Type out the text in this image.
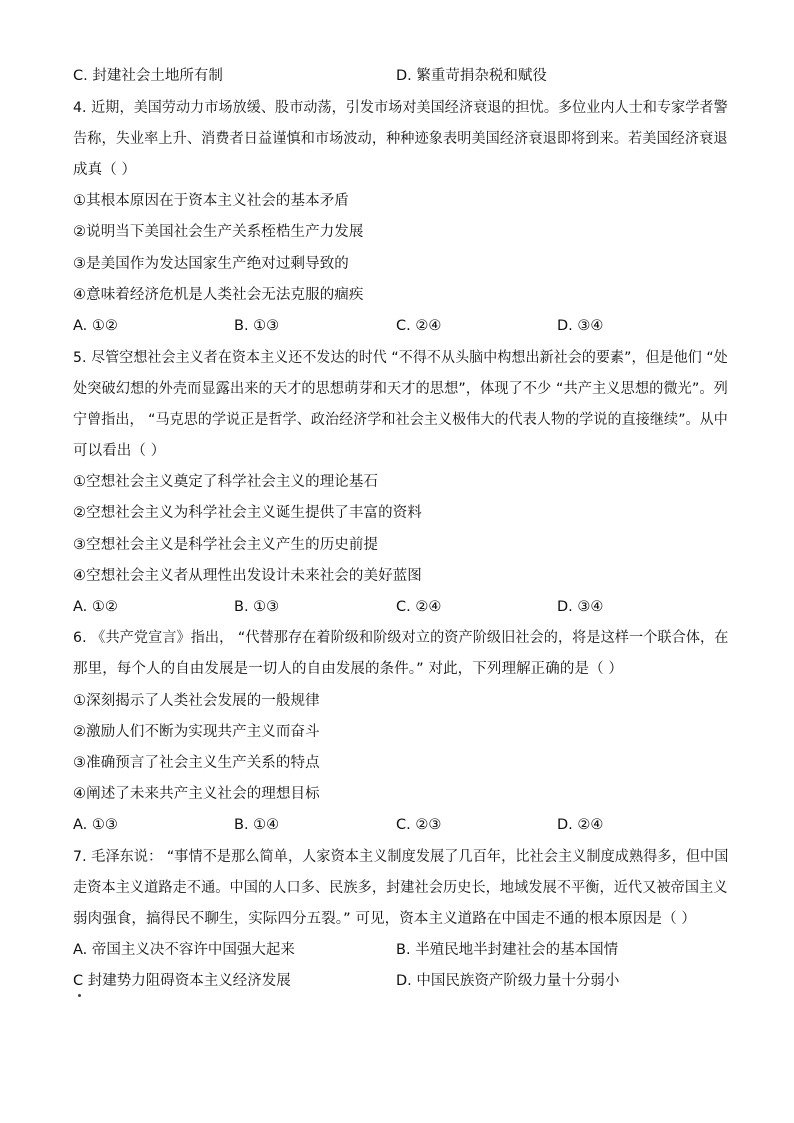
C. 封建社会土地所有制	D. 繁重苛捐杂税和赋役
4. 近期，美国劳动力市场放缓、股市动荡，引发市场对美国经济衰退的担忧。多位业内人士和专家学者警
告称，失业率上升、消费者日益谨慎和市场波动，种种迹象表明美国经济衰退即将到来。若美国经济衰退
成真（ ）
①其根本原因在于资本主义社会的基本矛盾
②说明当下美国社会生产关系桎梏生产力发展
③是美国作为发达国家生产绝对过剩导致的
④意味着经济危机是人类社会无法克服的痼疾
A. ①②	B. ①③	C. ②④	D. ③④
5. 尽管空想社会主义者在资本主义还不发达的时代 “不得不从头脑中构想出新社会的要素”，但是他们 “处
处突破幻想的外壳而显露出来的天才的思想萌芽和天才的思想”，体现了不少 “共产主义思想的微光”。列
宁曾指出， “马克思的学说正是哲学、政治经济学和社会主义极伟大的代表人物的学说的直接继续”。从中
可以看出（ ）
①空想社会主义奠定了科学社会主义的理论基石
②空想社会主义为科学社会主义诞生提供了丰富的资料
③空想社会主义是科学社会主义产生的历史前提
④空想社会主义者从理性出发设计未来社会的美好蓝图
A. ①②	B. ①③	C. ②④	D. ③④
6. 《共产党宣言》指出， “代替那存在着阶级和阶级对立的资产阶级旧社会的，将是这样一个联合体，在
那里，每个人的自由发展是一切人的自由发展的条件。” 对此，下列理解正确的是（ ）
①深刻揭示了人类社会发展的一般规律
②激励人们不断为实现共产主义而奋斗
③准确预言了社会主义生产关系的特点
④阐述了未来共产主义社会的理想目标
A. ①③	B. ①④	C. ②③	D. ②④
7. 毛泽东说： “事情不是那么简单，人家资本主义制度发展了几百年，比社会主义制度成熟得多，但中国
走资本主义道路走不通。中国的人口多、民族多，封建社会历史长，地域发展不平衡，近代又被帝国主义
弱肉强食，搞得民不聊生，实际四分五裂。” 可见，资本主义道路在中国走不通的根本原因是（ ）
A. 帝国主义决不容许中国强大起来	B. 半殖民地半封建社会的基本国情
C 封建势力阻碍资本主义经济发展	D. 中国民族资产阶级力量十分弱小
